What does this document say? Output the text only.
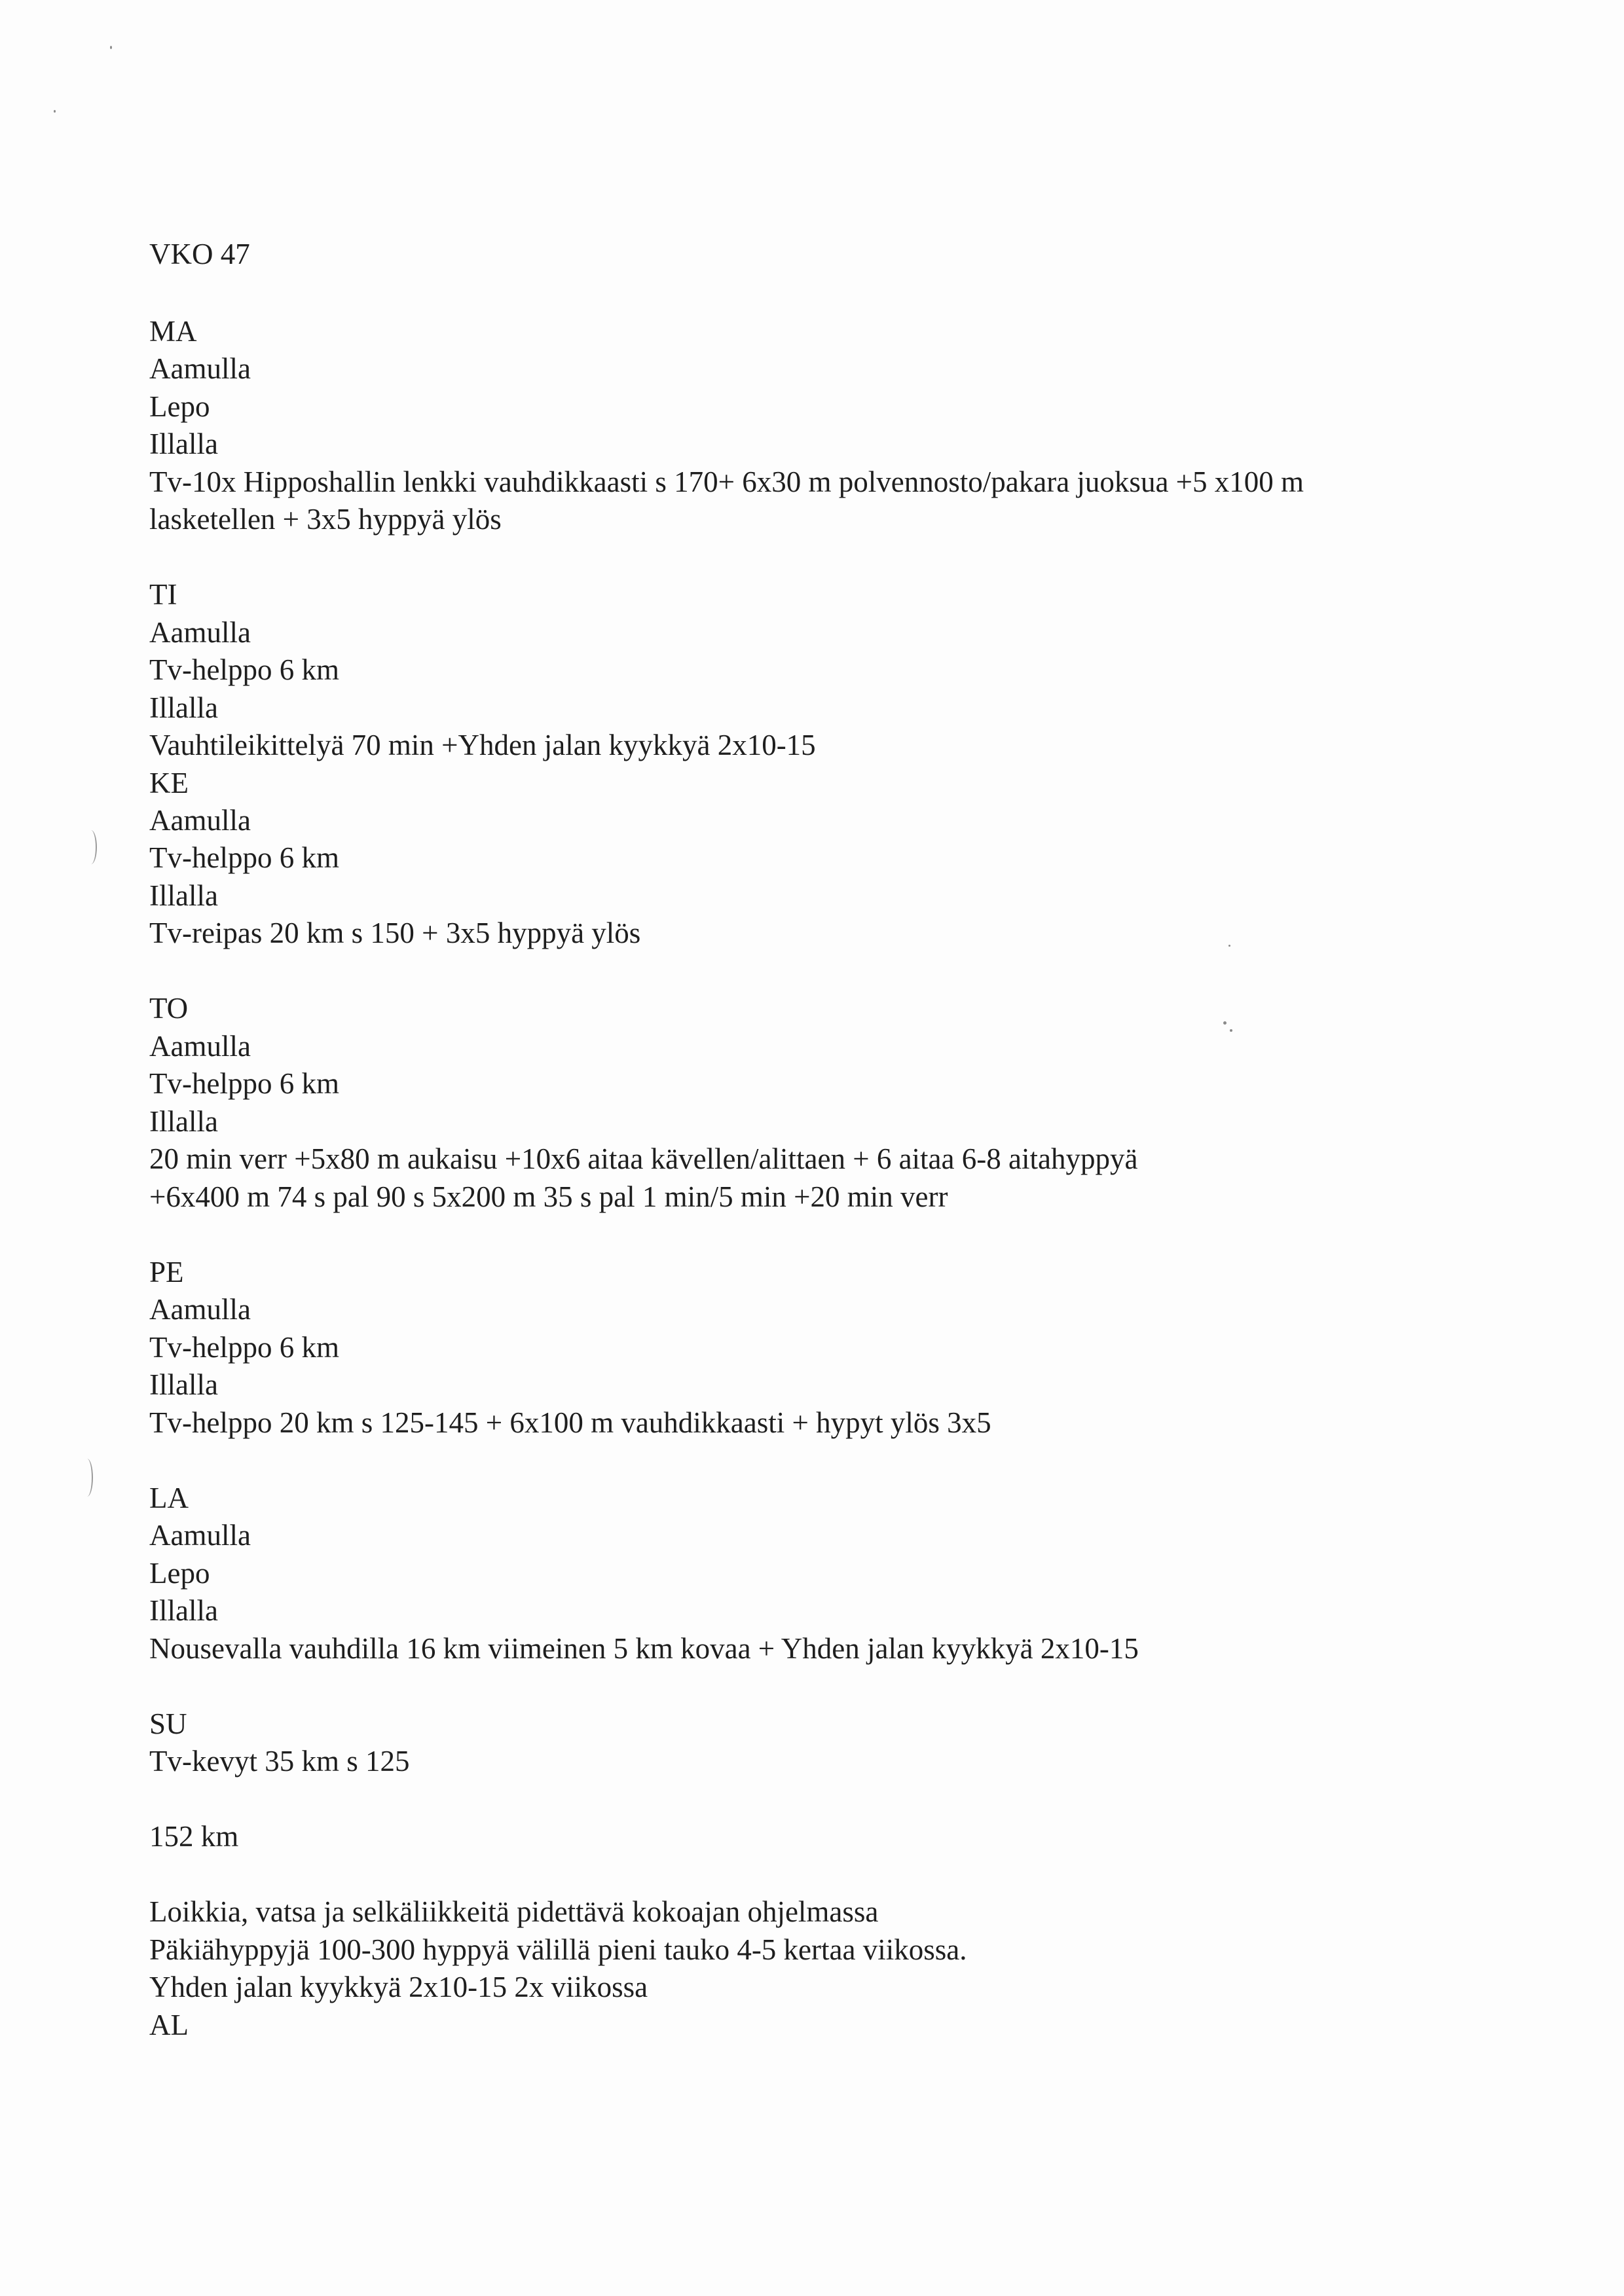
VKO 47
MA
Aamulla
Lepo
Illalla
Tv-10x Hipposhallin lenkki vauhdikkaasti s 170+ 6x30 m polvennosto/pakara juoksua +5 x100 m
lasketellen + 3x5 hyppyä ylös
TI
Aamulla
Tv-helppo 6 km
Illalla
Vauhtileikittelyä 70 min +Yhden jalan kyykkyä 2x10-15
KE
Aamulla
Tv-helppo 6 km
Illalla
Tv-reipas 20 km s 150 + 3x5 hyppyä ylös
TO
Aamulla
Tv-helppo 6 km
Illalla
20 min verr +5x80 m aukaisu +10x6 aitaa kävellen/alittaen + 6 aitaa 6-8 aitahyppyä
+6x400 m 74 s pal 90 s 5x200 m 35 s pal 1 min/5 min +20 min verr
PE
Aamulla
Tv-helppo 6 km
Illalla
Tv-helppo 20 km s 125-145 + 6x100 m vauhdikkaasti + hypyt ylös 3x5
LA
Aamulla
Lepo
Illalla
Nousevalla vauhdilla 16 km viimeinen 5 km kovaa + Yhden jalan kyykkyä 2x10-15
SU
Tv-kevyt 35 km s 125
152 km
Loikkia, vatsa ja selkäliikkeitä pidettävä kokoajan ohjelmassa
Päkiähyppyjä 100-300 hyppyä välillä pieni tauko 4-5 kertaa viikossa.
Yhden jalan kyykkyä 2x10-15 2x viikossa
AL
